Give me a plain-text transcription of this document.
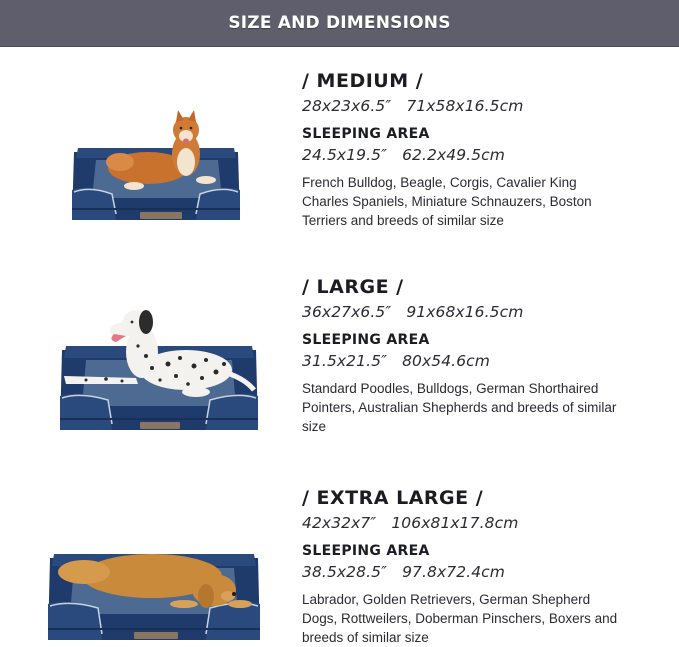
SIZE AND DIMENSIONS
/ MEDIUM /
28x23x6.5″   71x58x16.5cm
SLEEPING AREA
24.5x19.5″   62.2x49.5cm
French Bulldog, Beagle, Corgis, Cavalier King Charles Spaniels, Miniature Schnauzers, Boston Terriers and breeds of similar size
/ LARGE /
36x27x6.5″   91x68x16.5cm
SLEEPING AREA
31.5x21.5″   80x54.6cm
Standard Poodles, Bulldogs, German Shorthaired Pointers, Australian Shepherds and breeds of similar size
/ EXTRA LARGE /
42x32x7″   106x81x17.8cm
SLEEPING AREA
38.5x28.5″   97.8x72.4cm
Labrador, Golden Retrievers, German Shepherd Dogs, Rottweilers, Doberman Pinschers, Boxers and breeds of similar size
